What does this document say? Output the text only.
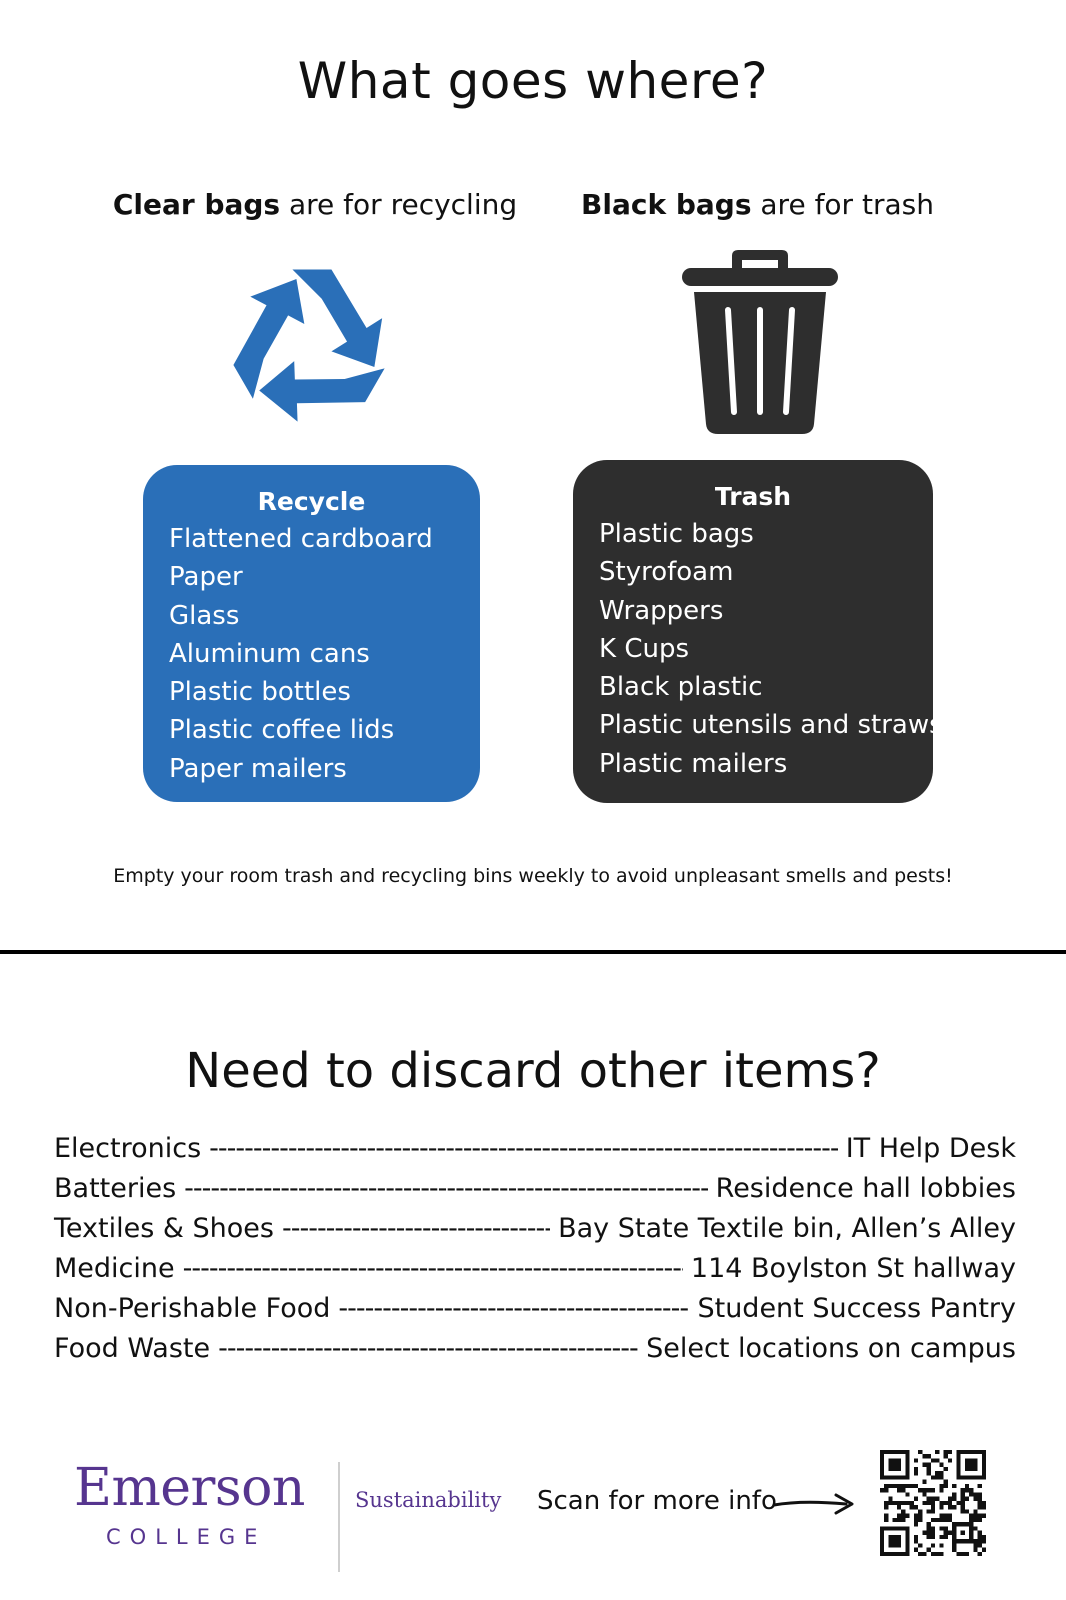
What goes where?
Clear bags are for recycling	Black bags are for trash
Recycle
Flattened cardboard
Paper
Glass
Aluminum cans
Plastic bottles
Plastic coffee lids
Paper mailers
Trash
Plastic bags
Styrofoam
Wrappers
K Cups
Black plastic
Plastic utensils and straws
Plastic mailers
Empty your room trash and recycling bins weekly to avoid unpleasant smells and pests!
Need to discard other items?
Electronics -----	IT Help Desk
Batteries -----	Residence hall lobbies
Textiles & Shoes -----	Bay State Textile bin, Allen’s Alley
Medicine -----	114 Boylston St hallway
Non-Perishable Food -----	Student Success Pantry
Food Waste -----	Select locations on campus
Emerson
COLLEGE
Sustainability Scan for more info
